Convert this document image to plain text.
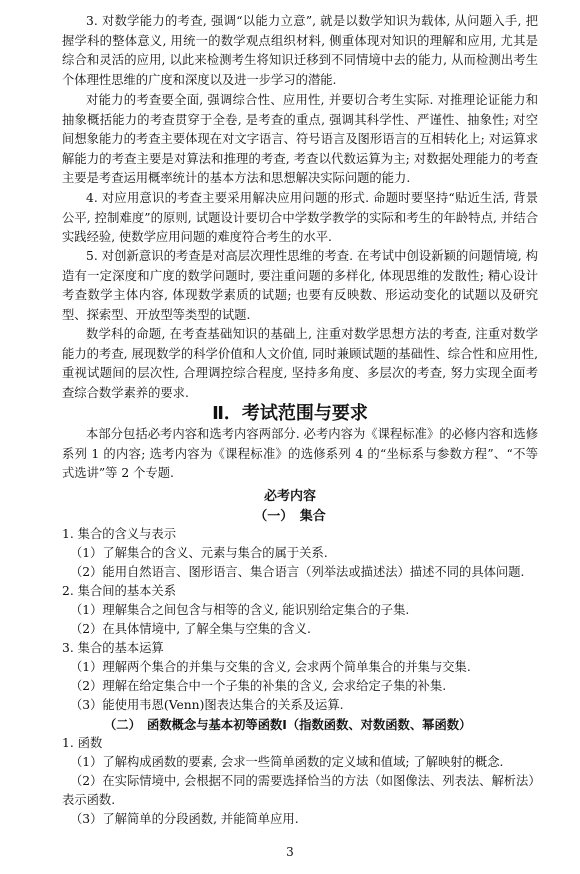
3. 对数学能力的考查, 强调“以能力立意”, 就是以数学知识为载体, 从问题入手, 把握学科的整体意义, 用统一的数学观点组织材料, 侧重体现对知识的理解和应用, 尤其是综合和灵活的应用, 以此来检测考生将知识迁移到不同情境中去的能力, 从而检测出考生个体理性思维的广度和深度以及进一步学习的潜能.

对能力的考查要全面, 强调综合性、应用性, 并要切合考生实际. 对推理论证能力和抽象概括能力的考查贯穿于全卷, 是考查的重点, 强调其科学性、严谨性、抽象性; 对空间想象能力的考查主要体现在对文字语言、符号语言及图形语言的互相转化上; 对运算求解能力的考查主要是对算法和推理的考查, 考查以代数运算为主; 对数据处理能力的考查主要是考查运用概率统计的基本方法和思想解决实际问题的能力.

4. 对应用意识的考查主要采用解决应用问题的形式. 命题时要坚持“贴近生活, 背景公平, 控制难度”的原则, 试题设计要切合中学数学教学的实际和考生的年龄特点, 并结合实践经验, 使数学应用问题的难度符合考生的水平.

5. 对创新意识的考查是对高层次理性思维的考查. 在考试中创设新颖的问题情境, 构造有一定深度和广度的数学问题时, 要注重问题的多样化, 体现思维的发散性; 精心设计考查数学主体内容, 体现数学素质的试题; 也要有反映数、形运动变化的试题以及研究型、探索型、开放型等类型的试题.

数学科的命题, 在考查基础知识的基础上, 注重对数学思想方法的考查, 注重对数学能力的考查, 展现数学的科学价值和人文价值, 同时兼顾试题的基础性、综合性和应用性, 重视试题间的层次性, 合理调控综合程度, 坚持多角度、多层次的考查, 努力实现全面考查综合数学素养的要求.

Ⅱ．考试范围与要求

本部分包括必考内容和选考内容两部分. 必考内容为《课程标准》的必修内容和选修系列 1 的内容; 选考内容为《课程标准》的选修系列 4 的“坐标系与参数方程”、“不等式选讲”等 2 个专题.

必考内容
（一）　集合

1. 集合的含义与表示

（1）了解集合的含义、元素与集合的属于关系.

（2）能用自然语言、图形语言、集合语言（列举法或描述法）描述不同的具体问题.

2. 集合间的基本关系

（1）理解集合之间包含与相等的含义, 能识别给定集合的子集.

（2）在具体情境中, 了解全集与空集的含义.

3. 集合的基本运算

（1）理解两个集合的并集与交集的含义, 会求两个简单集合的并集与交集.

（2）理解在给定集合中一个子集的补集的含义, 会求给定子集的补集.

（3）能使用韦恩(Venn)图表达集合的关系及运算.

（二）　函数概念与基本初等函数Ⅰ（指数函数、对数函数、幂函数）

1. 函数

（1）了解构成函数的要素, 会求一些简单函数的定义域和值域; 了解映射的概念.

（2）在实际情境中, 会根据不同的需要选择恰当的方法（如图像法、列表法、解析法）

表示函数.

（3）了解简单的分段函数, 并能简单应用.

3
